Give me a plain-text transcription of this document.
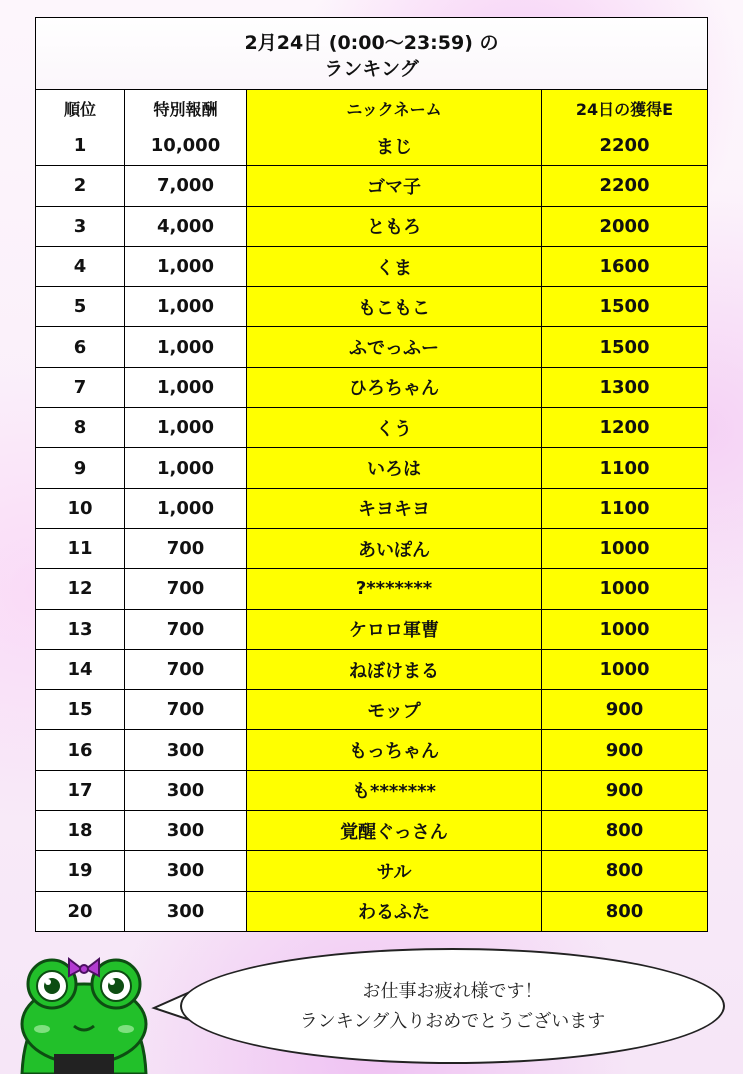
2月24日 (0:00〜23:59) の
ランキング
順位	特別報酬	ニックネーム	24日の獲得E
1	10,000	まじ	2200
2	7,000	ゴマ子	2200
3	4,000	ともろ	2000
4	1,000	くま	1600
5	1,000	もこもこ	1500
6	1,000	ふでっふー	1500
7	1,000	ひろちゃん	1300
8	1,000	くう	1200
9	1,000	いろは	1100
10	1,000	キヨキヨ	1100
11	700	あいぽん	1000
12	700	?*******	1000
13	700	ケロロ軍曹	1000
14	700	ねぼけまる	1000
15	700	モップ	900
16	300	もっちゃん	900
17	300	も*******	900
18	300	覚醒ぐっさん	800
19	300	サル	800
20	300	わるふた	800
お仕事お疲れ様です！
ランキング入りおめでとうございます
